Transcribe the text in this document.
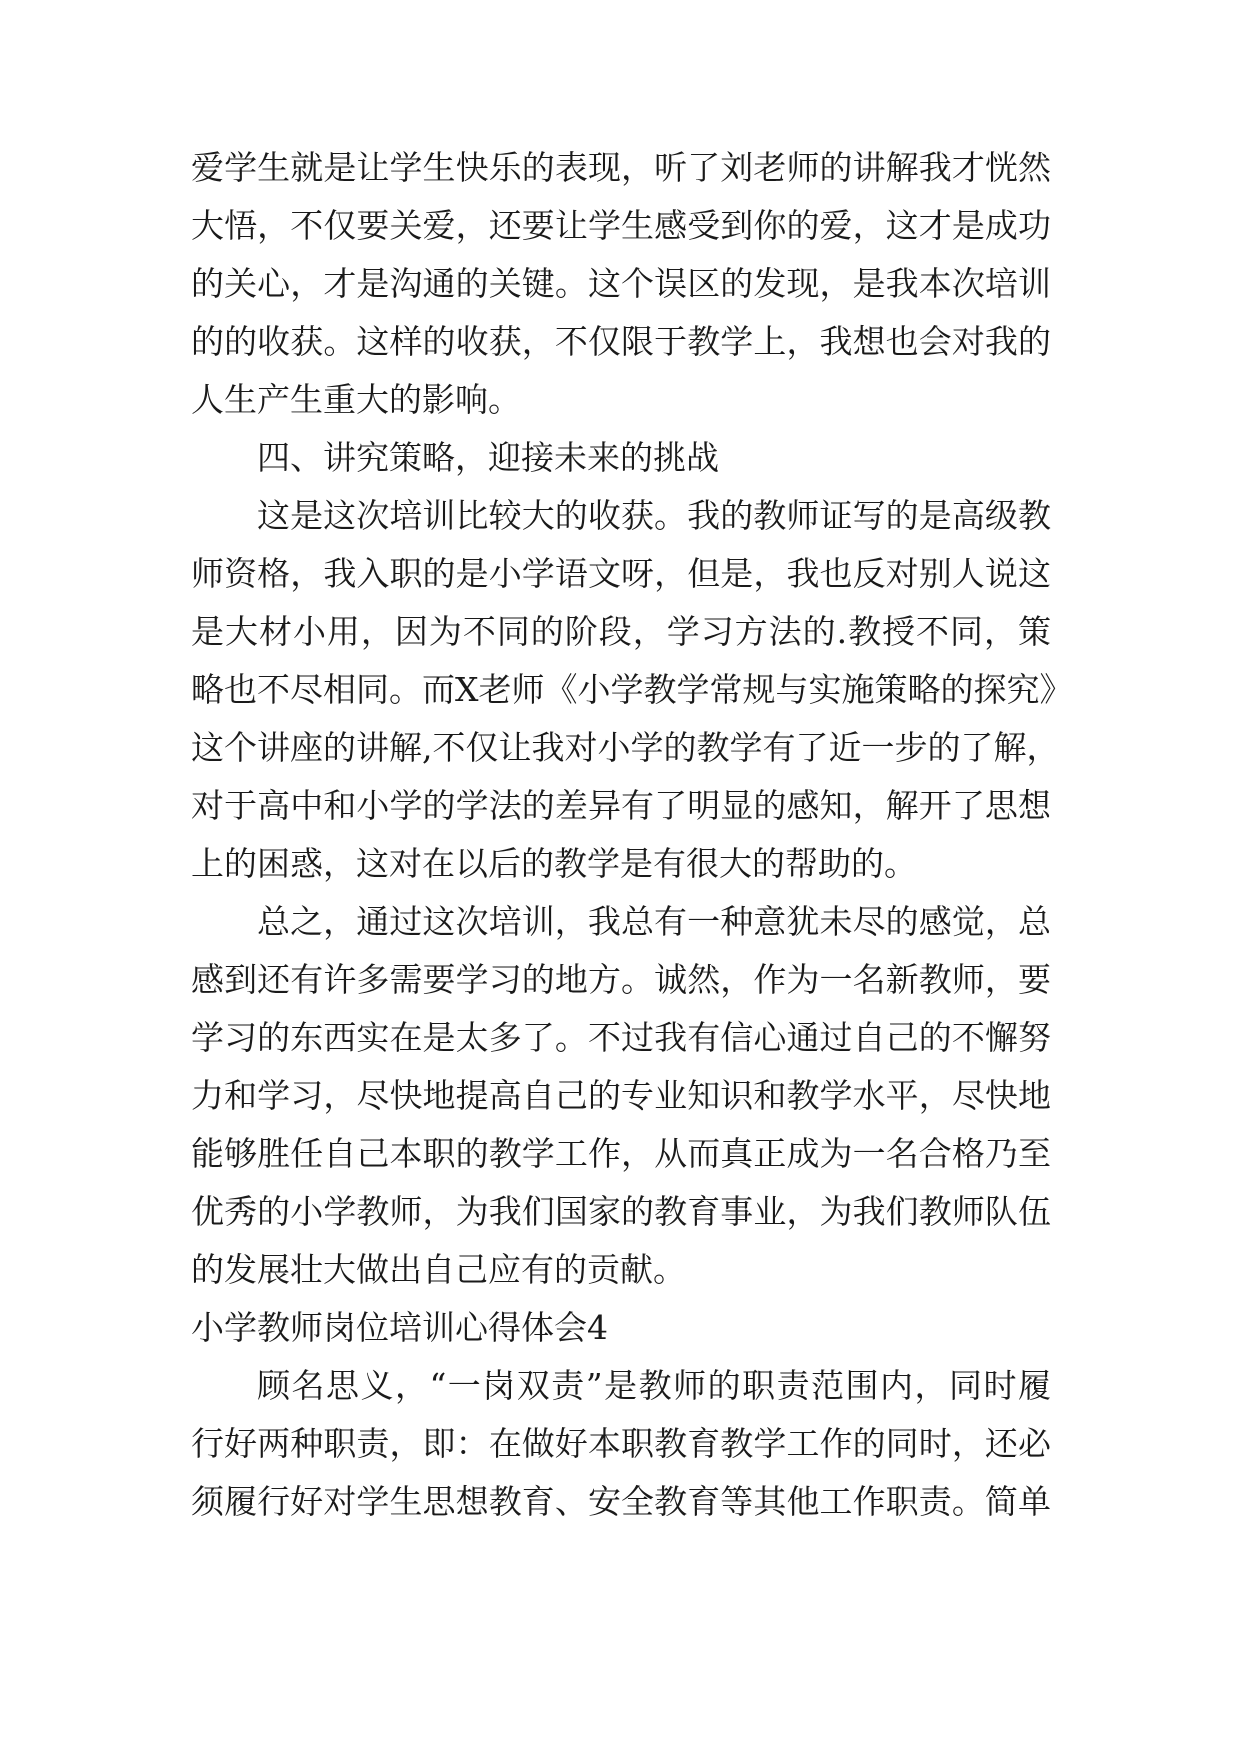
爱学生就是让学生快乐的表现，听了刘老师的讲解我才恍然

大悟，不仅要关爱，还要让学生感受到你的爱，这才是成功

的关心，才是沟通的关键。这个误区的发现，是我本次培训

的的收获。这样的收获，不仅限于教学上，我想也会对我的

人生产生重大的影响。

四、讲究策略，迎接未来的挑战

这是这次培训比较大的收获。我的教师证写的是高级教

师资格，我入职的是小学语文呀，但是，我也反对别人说这

是大材小用，因为不同的阶段，学习方法的.教授不同，策

略也不尽相同。而X老师《小学教学常规与实施策略的探究》

这个讲座的讲解,不仅让我对小学的教学有了近一步的了解，

对于高中和小学的学法的差异有了明显的感知，解开了思想

上的困惑，这对在以后的教学是有很大的帮助的。

总之，通过这次培训，我总有一种意犹未尽的感觉，总

感到还有许多需要学习的地方。诚然，作为一名新教师，要

学习的东西实在是太多了。不过我有信心通过自己的不懈努

力和学习，尽快地提高自己的专业知识和教学水平，尽快地

能够胜任自己本职的教学工作，从而真正成为一名合格乃至

优秀的小学教师，为我们国家的教育事业，为我们教师队伍

的发展壮大做出自己应有的贡献。

小学教师岗位培训心得体会4

顾名思义，“一岗双责”是教师的职责范围内，同时履

行好两种职责，即：在做好本职教育教学工作的同时，还必

须履行好对学生思想教育、安全教育等其他工作职责。简单
